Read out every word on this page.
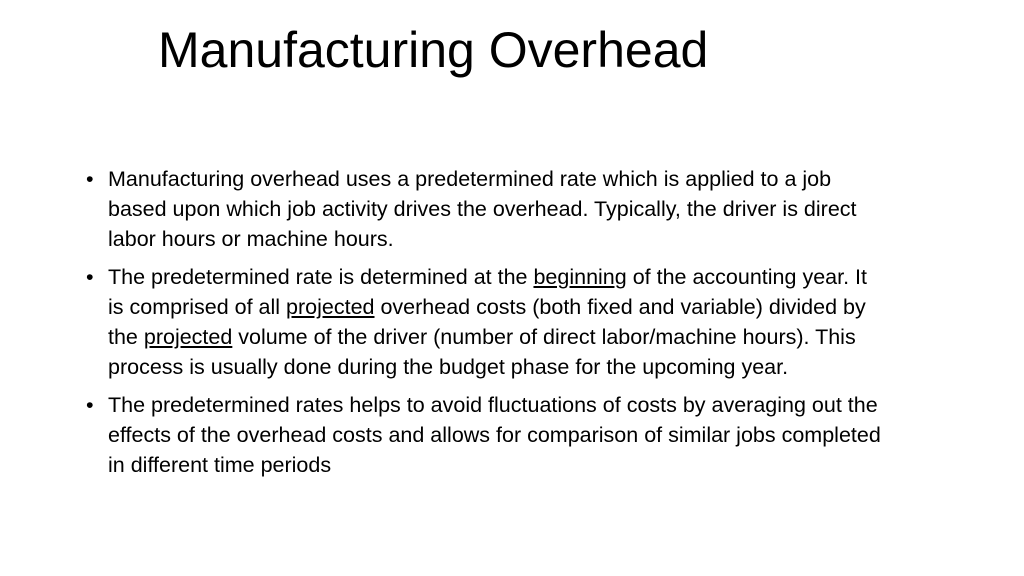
Manufacturing Overhead
• Manufacturing overhead uses a predetermined rate which is applied to a job based upon which job activity drives the overhead. Typically, the driver is direct labor hours or machine hours.
• The predetermined rate is determined at the beginning of the accounting year. It is comprised of all projected overhead costs (both fixed and variable) divided by the projected volume of the driver (number of direct labor/machine hours). This process is usually done during the budget phase for the upcoming year.
• The predetermined rates helps to avoid fluctuations of costs by averaging out the effects of the overhead costs and allows for comparison of similar jobs completed in different time periods
